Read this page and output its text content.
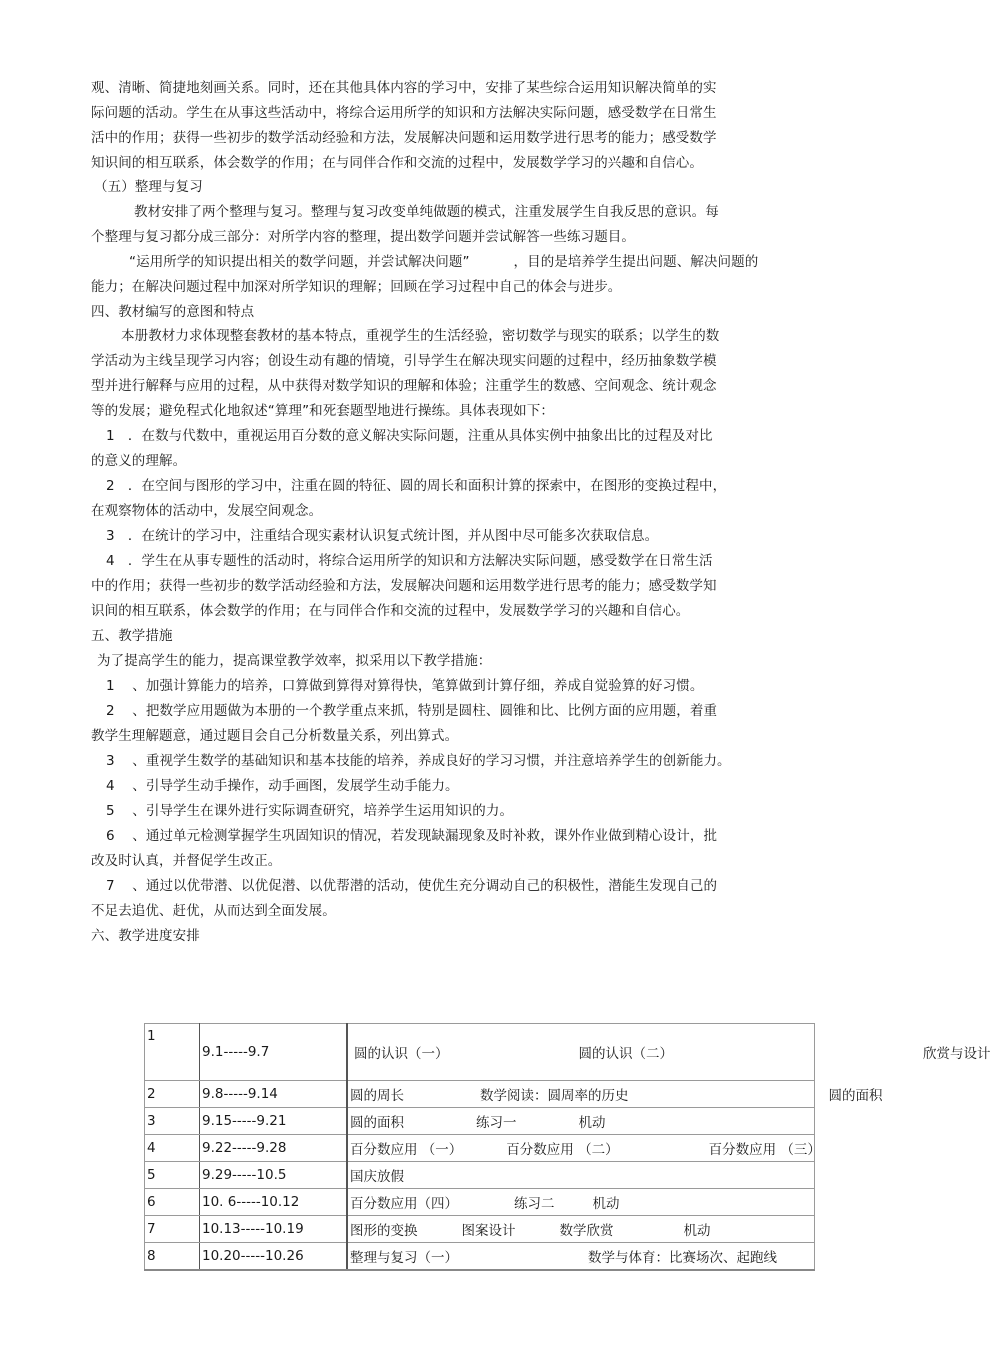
观、清晰、简捷地刻画关系。同时，还在其他具体内容的学习中，安排了某些综合运用知识解决简单的实
际问题的活动。学生在从事这些活动中，将综合运用所学的知识和方法解决实际问题，感受数学在日常生
活中的作用；获得一些初步的数学活动经验和方法，发展解决问题和运用数学进行思考的能力；感受数学
知识间的相互联系，体会数学的作用；在与同伴合作和交流的过程中，发展数学学习的兴趣和自信心。
（五）整理与复习
教材安排了两个整理与复习。整理与复习改变单纯做题的模式，注重发展学生自我反思的意识。每
个整理与复习都分成三部分：对所学内容的整理，提出数学问题并尝试解答一些练习题目。
“运用所学的知识提出相关的数学问题，并尝试解决问题”          ，目的是培养学生提出问题、解决问题的
能力；在解决问题过程中加深对所学知识的理解；回顾在学习过程中自己的体会与进步。
四、教材编写的意图和特点
本册教材力求体现整套教材的基本特点，重视学生的生活经验，密切数学与现实的联系；以学生的数
学活动为主线呈现学习内容；创设生动有趣的情境，引导学生在解决现实问题的过程中，经历抽象数学模
型并进行解释与应用的过程，从中获得对数学知识的理解和体验；注重学生的数感、空间观念、统计观念
等的发展；避免程式化地叙述“算理”和死套题型地进行操练。具体表现如下：
1   ．在数与代数中，重视运用百分数的意义解决实际问题，注重从具体实例中抽象出比的过程及对比
的意义的理解。
2   ．在空间与图形的学习中，注重在圆的特征、圆的周长和面积计算的探索中，在图形的变换过程中，
在观察物体的活动中，发展空间观念。
3   ．在统计的学习中，注重结合现实素材认识复式统计图，并从图中尽可能多次获取信息。
4   ．学生在从事专题性的活动时，将综合运用所学的知识和方法解决实际问题，感受数学在日常生活
中的作用；获得一些初步的数学活动经验和方法，发展解决问题和运用数学进行思考的能力；感受数学知
识间的相互联系，体会数学的作用；在与同伴合作和交流的过程中，发展数学学习的兴趣和自信心。
五、教学措施
为了提高学生的能力，提高课堂教学效率，拟采用以下教学措施：
1    、加强计算能力的培养，口算做到算得对算得快，笔算做到计算仔细，养成自觉验算的好习惯。
2    、把数学应用题做为本册的一个教学重点来抓，特别是圆柱、圆锥和比、比例方面的应用题，着重
教学生理解题意，通过题目会自己分析数量关系，列出算式。
3    、重视学生数学的基础知识和基本技能的培养，养成良好的学习习惯，并注意培养学生的创新能力。
4    、引导学生动手操作，动手画图，发展学生动手能力。
5    、引导学生在课外进行实际调查研究，培养学生运用知识的力。
6    、通过单元检测掌握学生巩固知识的情况，若发现缺漏现象及时补救，课外作业做到精心设计，批
改及时认真，并督促学生改正。
7    、通过以优带潜、以优促潜、以优帮潜的活动，使优生充分调动自己的积极性，潜能生发现自己的
不足去追优、赶优，从而达到全面发展。
六、教学进度安排
1	9.1-----9.7	圆的认识（一） 圆的认识（二） 欣赏与设计

2	9.8-----9.14	圆的周长 数学阅读：圆周率的历史 圆的面积

3	9.15-----9.21	圆的面积 练习一 机动

4	9.22-----9.28	百分数应用 （一） 百分数应用 （二） 百分数应用 （三）

5	9.29-----10.5	国庆放假

6	10. 6-----10.12	百分数应用（四） 练习二 机动

7	10.13-----10.19	图形的变换 图案设计 数学欣赏 机动

8	10.20-----10.26	整理与复习（一） 数学与体育：比赛场次、起跑线
